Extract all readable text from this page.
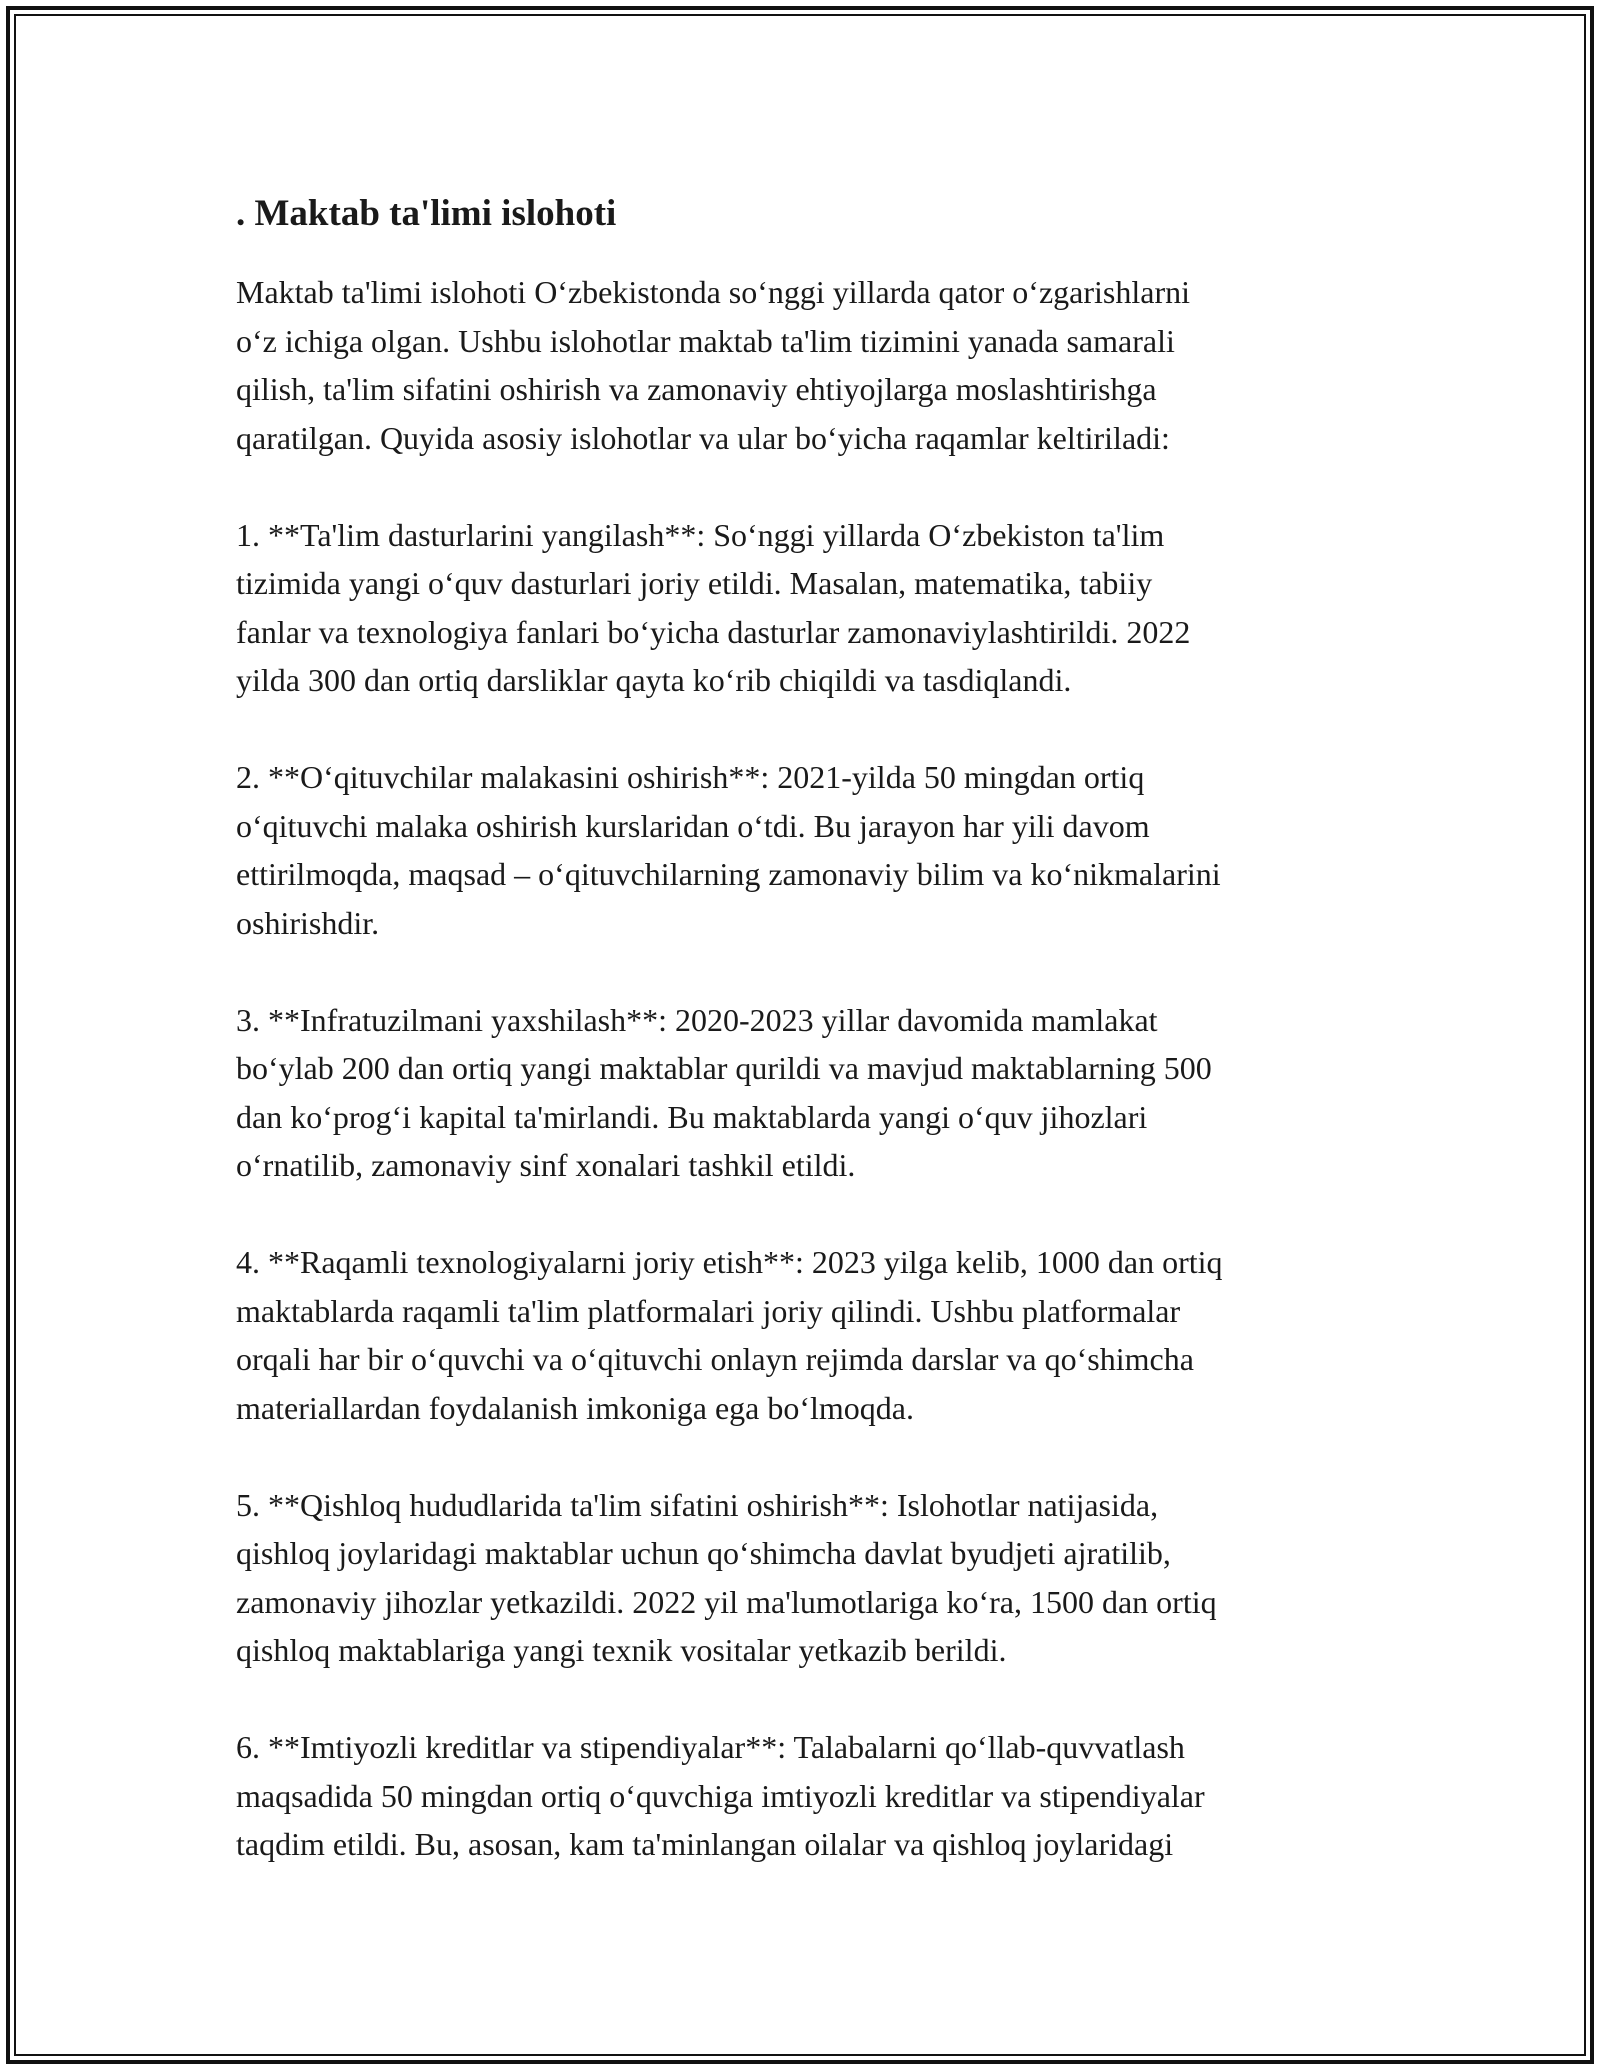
. Maktab ta'limi islohoti
Maktab ta'limi islohoti O‘zbekistonda so‘nggi yillarda qator o‘zgarishlarni
o‘z ichiga olgan. Ushbu islohotlar maktab ta'lim tizimini yanada samarali
qilish, ta'lim sifatini oshirish va zamonaviy ehtiyojlarga moslashtirishga
qaratilgan. Quyida asosiy islohotlar va ular bo‘yicha raqamlar keltiriladi:
1. **Ta'lim dasturlarini yangilash**: So‘nggi yillarda O‘zbekiston ta'lim
tizimida yangi o‘quv dasturlari joriy etildi. Masalan, matematika, tabiiy
fanlar va texnologiya fanlari bo‘yicha dasturlar zamonaviylashtirildi. 2022
yilda 300 dan ortiq darsliklar qayta ko‘rib chiqildi va tasdiqlandi.
2. **O‘qituvchilar malakasini oshirish**: 2021-yilda 50 mingdan ortiq
o‘qituvchi malaka oshirish kurslaridan o‘tdi. Bu jarayon har yili davom
ettirilmoqda, maqsad – o‘qituvchilarning zamonaviy bilim va ko‘nikmalarini
oshirishdir.
3. **Infratuzilmani yaxshilash**: 2020-2023 yillar davomida mamlakat
bo‘ylab 200 dan ortiq yangi maktablar qurildi va mavjud maktablarning 500
dan ko‘prog‘i kapital ta'mirlandi. Bu maktablarda yangi o‘quv jihozlari
o‘rnatilib, zamonaviy sinf xonalari tashkil etildi.
4. **Raqamli texnologiyalarni joriy etish**: 2023 yilga kelib, 1000 dan ortiq
maktablarda raqamli ta'lim platformalari joriy qilindi. Ushbu platformalar
orqali har bir o‘quvchi va o‘qituvchi onlayn rejimda darslar va qo‘shimcha
materiallardan foydalanish imkoniga ega bo‘lmoqda.
5. **Qishloq hududlarida ta'lim sifatini oshirish**: Islohotlar natijasida,
qishloq joylaridagi maktablar uchun qo‘shimcha davlat byudjeti ajratilib,
zamonaviy jihozlar yetkazildi. 2022 yil ma'lumotlariga ko‘ra, 1500 dan ortiq
qishloq maktablariga yangi texnik vositalar yetkazib berildi.
6. **Imtiyozli kreditlar va stipendiyalar**: Talabalarni qo‘llab-quvvatlash
maqsadida 50 mingdan ortiq o‘quvchiga imtiyozli kreditlar va stipendiyalar
taqdim etildi. Bu, asosan, kam ta'minlangan oilalar va qishloq joylaridagi
